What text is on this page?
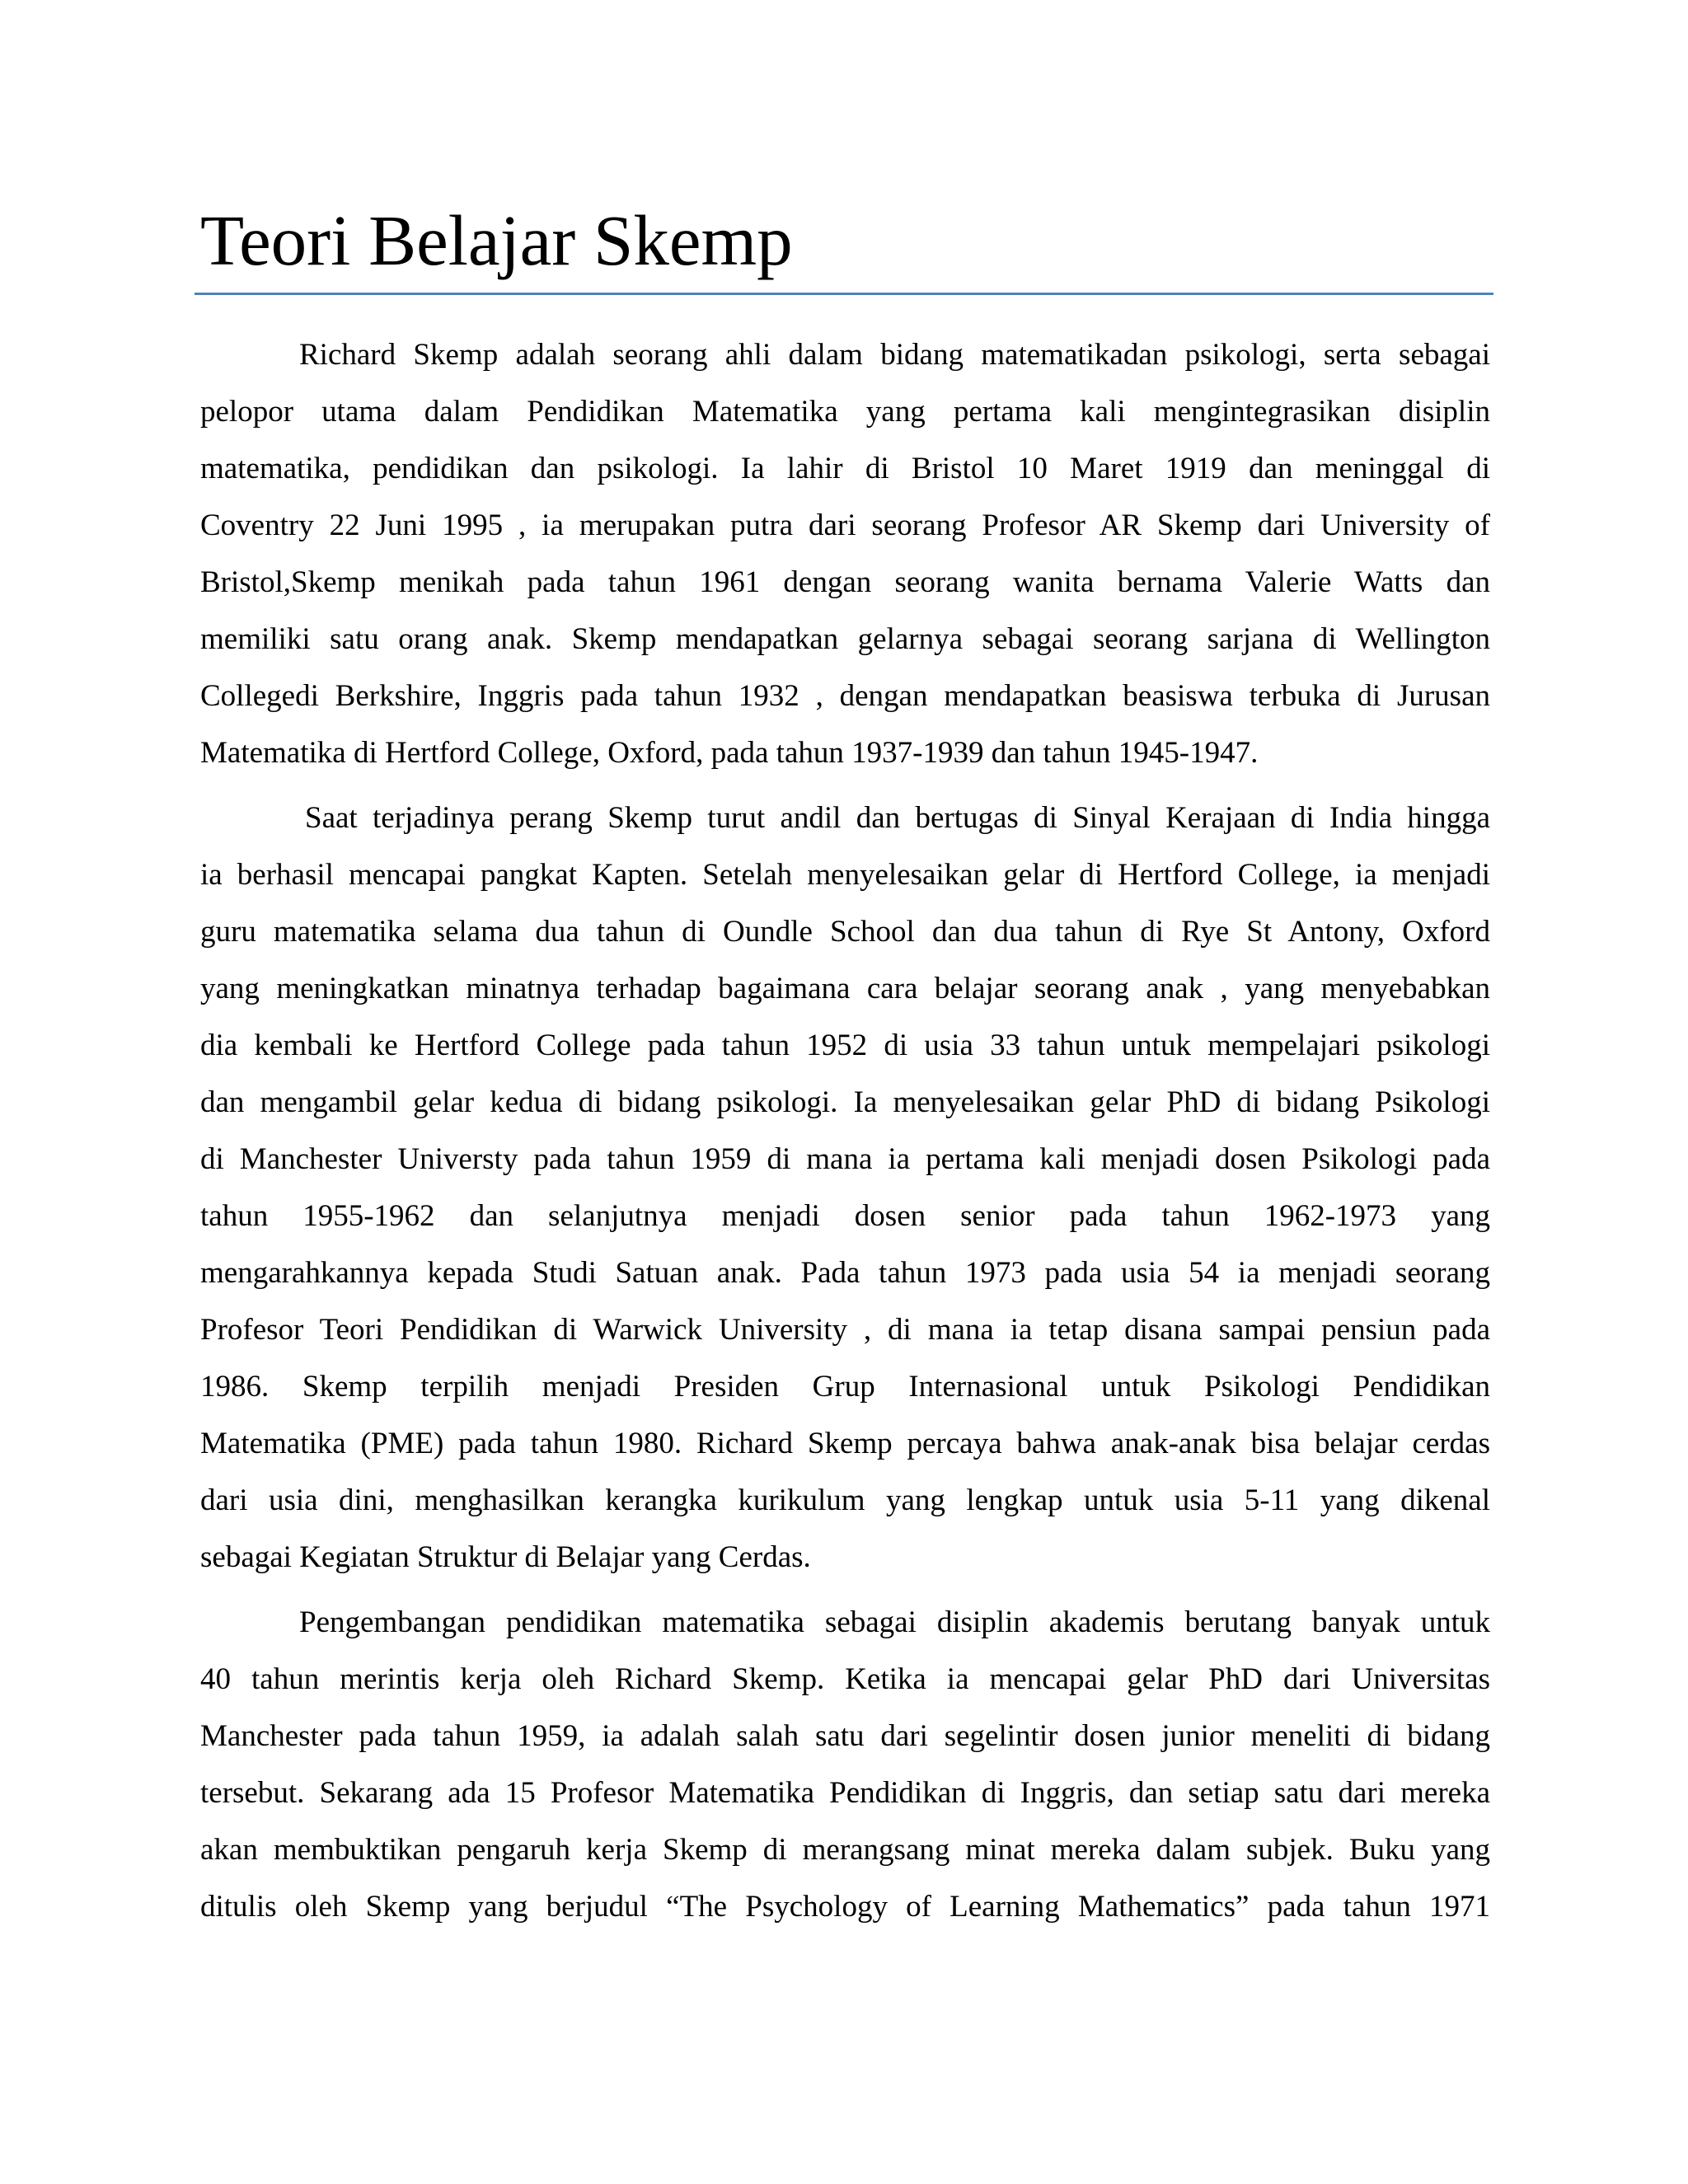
Teori Belajar Skemp

Richard Skemp adalah seorang ahli dalam bidang matematikadan psikologi, serta sebagai
pelopor utama dalam Pendidikan Matematika yang pertama kali mengintegrasikan disiplin
matematika, pendidikan dan psikologi. Ia lahir di Bristol 10 Maret 1919 dan meninggal di
Coventry 22 Juni 1995 , ia merupakan putra dari seorang Profesor AR Skemp dari University of
Bristol,Skemp menikah pada tahun 1961 dengan seorang wanita bernama Valerie Watts dan
memiliki satu orang anak. Skemp mendapatkan gelarnya sebagai seorang sarjana di Wellington
Collegedi Berkshire, Inggris pada tahun 1932 , dengan mendapatkan beasiswa terbuka di Jurusan
Matematika di Hertford College, Oxford, pada tahun 1937-1939 dan tahun 1945-1947.

Saat terjadinya perang Skemp turut andil dan bertugas di Sinyal Kerajaan di India hingga
ia berhasil mencapai pangkat Kapten. Setelah menyelesaikan gelar di Hertford College, ia menjadi
guru matematika selama dua tahun di Oundle School dan dua tahun di Rye St Antony, Oxford
yang meningkatkan minatnya terhadap bagaimana cara belajar seorang anak , yang menyebabkan
dia kembali ke Hertford College pada tahun 1952 di usia 33 tahun untuk mempelajari psikologi
dan mengambil gelar kedua di bidang psikologi. Ia menyelesaikan gelar PhD di bidang Psikologi
di Manchester Universty pada tahun 1959 di mana ia pertama kali menjadi dosen Psikologi pada
tahun 1955-1962 dan selanjutnya menjadi dosen senior pada tahun 1962-1973 yang
mengarahkannya kepada Studi Satuan anak. Pada tahun 1973 pada usia 54 ia menjadi seorang
Profesor Teori Pendidikan di Warwick University , di mana ia tetap disana sampai pensiun pada
1986. Skemp terpilih menjadi Presiden Grup Internasional untuk Psikologi Pendidikan
Matematika (PME) pada tahun 1980. Richard Skemp percaya bahwa anak-anak bisa belajar cerdas
dari usia dini, menghasilkan kerangka kurikulum yang lengkap untuk usia 5-11 yang dikenal
sebagai Kegiatan Struktur di Belajar yang Cerdas.

Pengembangan pendidikan matematika sebagai disiplin akademis berutang banyak untuk
40 tahun merintis kerja oleh Richard Skemp. Ketika ia mencapai gelar PhD dari Universitas
Manchester pada tahun 1959, ia adalah salah satu dari segelintir dosen junior meneliti di bidang
tersebut. Sekarang ada 15 Profesor Matematika Pendidikan di Inggris, dan setiap satu dari mereka
akan membuktikan pengaruh kerja Skemp di merangsang minat mereka dalam subjek. Buku yang
ditulis oleh Skemp yang berjudul “The Psychology of Learning Mathematics” pada tahun 1971
